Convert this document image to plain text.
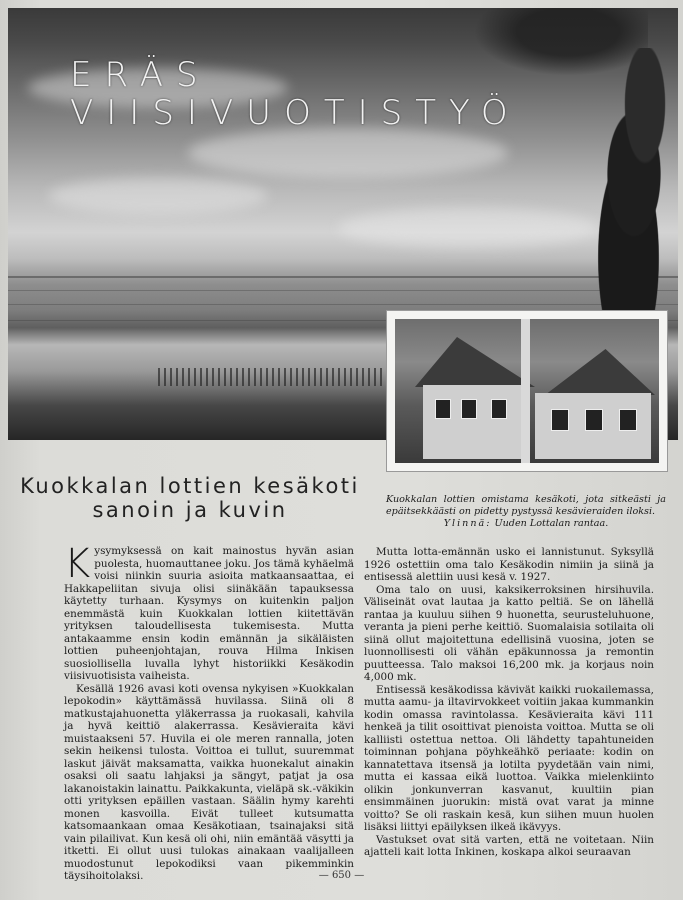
ERÄS
VIISIVUOTISTYÖ
Kuokkalan lottien kesäkoti
sanoin ja kuvin	Kuokkalan lottien omistama kesäkoti, jota sitkeästi ja epäitsekkäästi on pidetty pystyssä kesävieraiden iloksi.
Ylinnä: Uuden Lottalan rantaa.

Kysymyksessä on kait mainostus hyvän asian puolesta, huomauttanee joku. Jos tämä kyhäelmä voisi niinkin suuria asioita matkaansaattaa, ei Hakkapeliitan sivuja olisi siinäkään tapauksessa käytetty turhaan. Kysymys on kuitenkin paljon enemmästä kuin Kuokkalan lottien kiitettävän yrityksen taloudellisesta tukemisesta. Mutta antakaamme ensin kodin emännän ja sikäläisten lottien puheenjohtajan, rouva Hilma Inkisen suosiollisella luvalla lyhyt historiikki Kesäkodin viisivuotisista vaiheista.

Kesällä 1926 avasi koti ovensa nykyisen »Kuokkalan lepokodin» käyttämässä huvilassa. Siinä oli 8 matkustajahuonetta yläkerrassa ja ruokasali, kahvila ja hyvä keittiö alakerrassa. Kesävieraita kävi muistaakseni 57. Huvila ei ole meren rannalla, joten sekin heikensi tulosta. Voittoa ei tullut, suuremmat laskut jäivät maksamatta, vaikka huonekalut ainakin osaksi oli saatu lahjaksi ja sängyt, patjat ja osa lakanoistakin lainattu. Paikkakunta, vieläpä sk.-väkikin otti yrityksen epäillen vastaan. Säälin hymy karehti monen kasvoilla. Eivät tulleet kutsumatta katsomaankaan omaa Kesäkotiaan, tsainajaksi sitä vain pilailivat. Kun kesä oli ohi, niin emäntää väsytti ja itketti. Ei ollut uusi tulokas ainakaan vaalijalleen muodostunut lepokodiksi vaan pikemminkin täysihoitolaksi.

Mutta lotta-emännän usko ei lannistunut. Syksyllä 1926 ostettiin oma talo Kesäkodin nimiin ja siinä ja entisessä alettiin uusi kesä v. 1927.

Oma talo on uusi, kaksikerroksinen hirsihuvila. Väliseinät ovat lautaa ja katto peltiä. Se on lähellä rantaa ja kuuluu siihen 9 huonetta, seurusteluhuone, veranta ja pieni perhe keittiö. Suomalaisia sotilaita oli siinä ollut majoitettuna edellisinä vuosina, joten se luonnollisesti oli vähän epäkunnossa ja remontin puutteessa. Talo maksoi 16,200 mk. ja korjaus noin 4,000 mk.

Entisessä kesäkodissa kävivät kaikki ruokailemassa, mutta aamu- ja iltavirvokkeet voitiin jakaa kummankin kodin omassa ravintolassa. Kesävieraita kävi 111 henkeä ja tilit osoittivat pienoista voittoa. Mutta se oli kalliisti ostettua nettoa. Oli lähdetty tapahtuneiden toiminnan pohjana pöyhkeähkö periaate: kodin on kannatettava itsensä ja lotilta pyydetään vain nimi, mutta ei kassaa eikä luottoa. Vaikka mielenkiinto olikin jonkunverran kasvanut, kuultiin pian ensimmäinen juorukin: mistä ovat varat ja minne voitto? Se oli raskain kesä, kun siihen muun huolen lisäksi liittyi epäilyksen ilkeä ikävyys.

Vastukset ovat sitä varten, että ne voitetaan. Niin ajatteli kait lotta Inkinen, koskapa alkoi seuraavan

— 650 —
